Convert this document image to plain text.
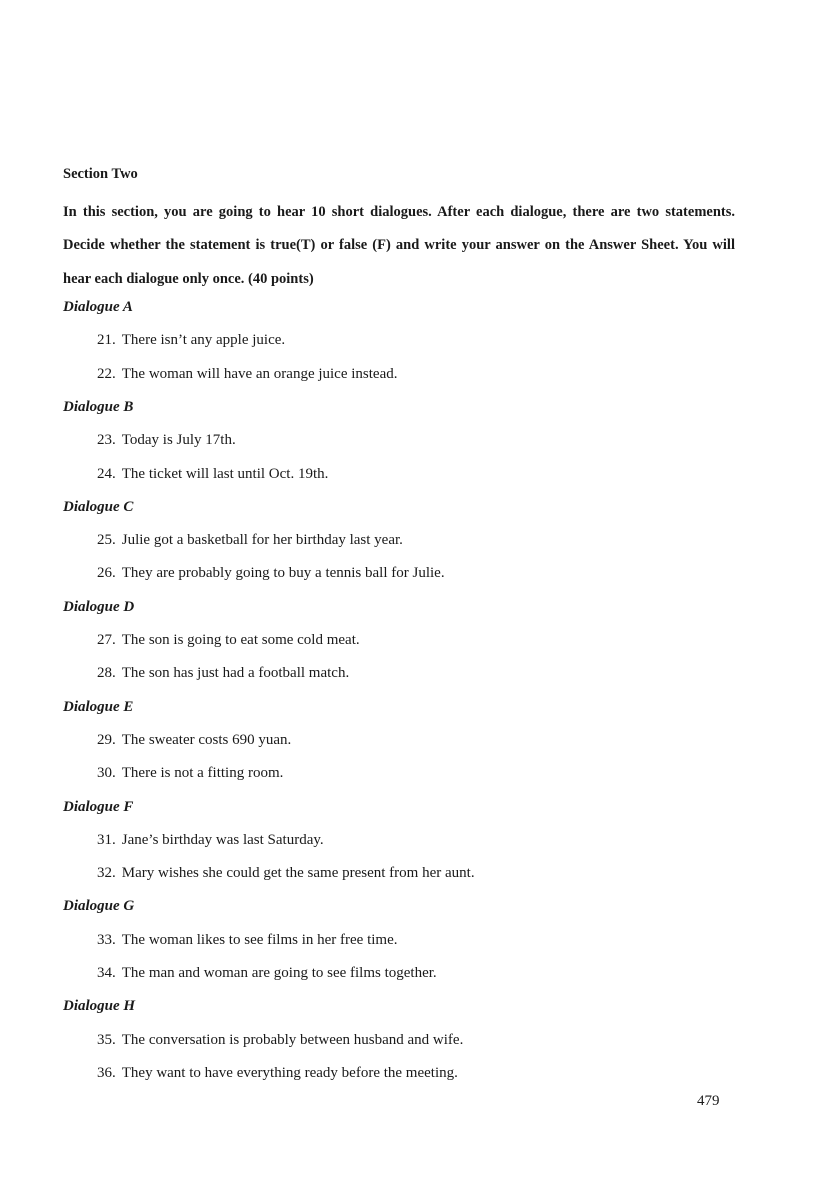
Section Two

In this section, you are going to hear 10 short dialogues. After each dialogue, there are two statements. Decide whether the statement is true(T) or false (F) and write your answer on the Answer Sheet. You will hear each dialogue only once. (40 points)

Dialogue A

21. There isn’t any apple juice.

22. The woman will have an orange juice instead.

Dialogue B

23. Today is July 17th.

24. The ticket will last until Oct. 19th.

Dialogue C

25. Julie got a basketball for her birthday last year.

26. They are probably going to buy a tennis ball for Julie.

Dialogue D

27. The son is going to eat some cold meat.

28. The son has just had a football match.

Dialogue E

29. The sweater costs 690 yuan.

30. There is not a fitting room.

Dialogue F

31. Jane’s birthday was last Saturday.

32. Mary wishes she could get the same present from her aunt.

Dialogue G

33. The woman likes to see films in her free time.

34. The man and woman are going to see films together.

Dialogue H

35. The conversation is probably between husband and wife.

36. They want to have everything ready before the meeting.

479
